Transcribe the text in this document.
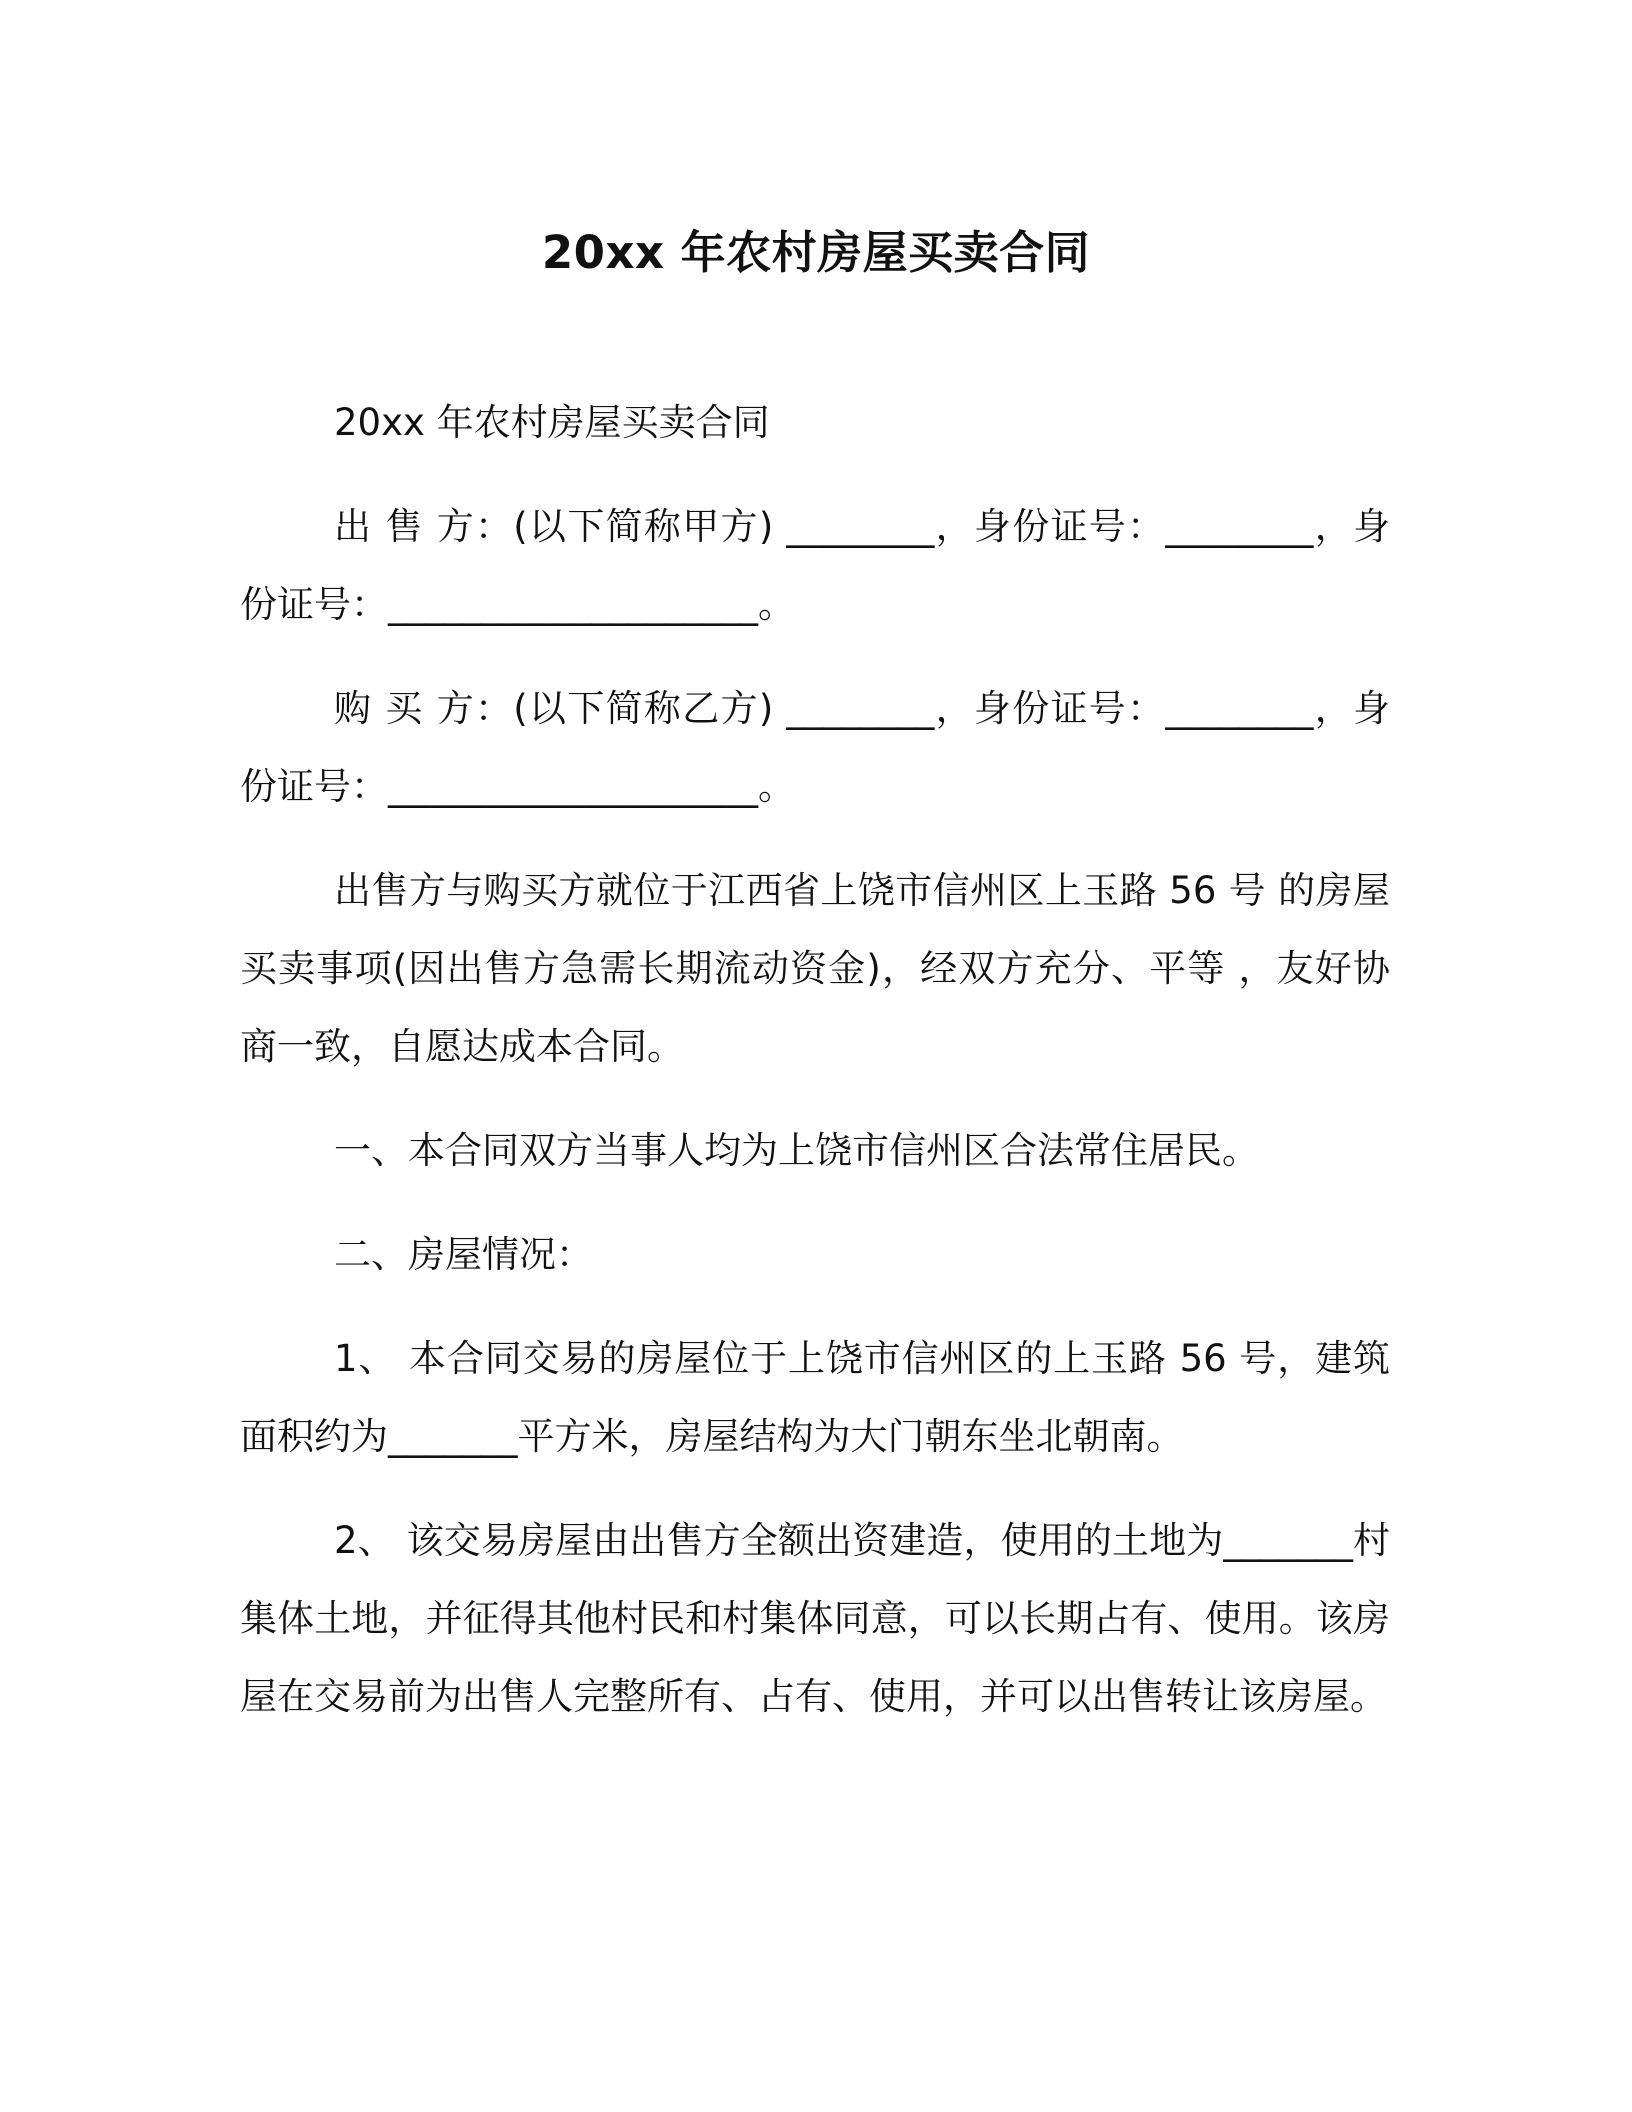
20xx 年农村房屋买卖合同

20xx 年农村房屋买卖合同

出 售 方：(以下简称甲方) ________，身份证号：________，身份证号：____________________。

购 买 方：(以下简称乙方) ________，身份证号：________，身份证号：____________________。

出售方与购买方就位于江西省上饶市信州区上玉路 56 号 的房屋买卖事项(因出售方急需长期流动资金)，经双方充分、平等 ，友好协商一致，自愿达成本合同。

一、本合同双方当事人均为上饶市信州区合法常住居民。

二、房屋情况：

1、 本合同交易的房屋位于上饶市信州区的上玉路 56 号，建筑面积约为_______平方米，房屋结构为大门朝东坐北朝南。

2、 该交易房屋由出售方全额出资建造，使用的土地为_______村集体土地，并征得其他村民和村集体同意，可以长期占有、使用。该房屋在交易前为出售人完整所有、占有、使用，并可以出售转让该房屋。
